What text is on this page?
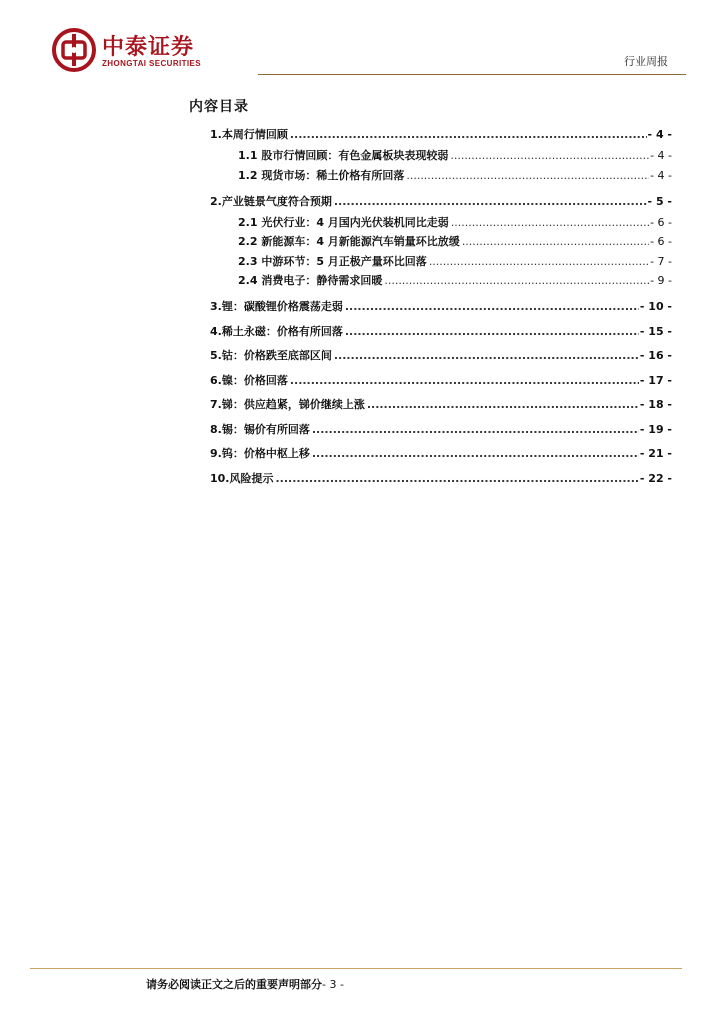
中泰证券
ZHONGTAI SECURITIES	行业周报
内容目录
1.本周行情回顾 .....	- 4 -
1.1 股市行情回顾：有色金属板块表现较弱 .....	- 4 -
1.2 现货市场：稀土价格有所回落 .....	- 4 -
2.产业链景气度符合预期 .....	- 5 -
2.1 光伏行业：4 月国内光伏装机同比走弱 .....	- 6 -
2.2 新能源车：4 月新能源汽车销量环比放缓 .....	- 6 -
2.3 中游环节：5 月正极产量环比回落 .....	- 7 -
2.4 消费电子：静待需求回暖 .....	- 9 -
3.锂：碳酸锂价格震荡走弱 .....	- 10 -
4.稀土永磁：价格有所回落 .....	- 15 -
5.钴：价格跌至底部区间 .....	- 16 -
6.镍：价格回落 .....	- 17 -
7.锑：供应趋紧，锑价继续上涨 .....	- 18 -
8.锡：锡价有所回落 .....	- 19 -
9.钨：价格中枢上移 .....	- 21 -
10.风险提示 .....	- 22 -
请务必阅读正文之后的重要声明部分- 3 -
